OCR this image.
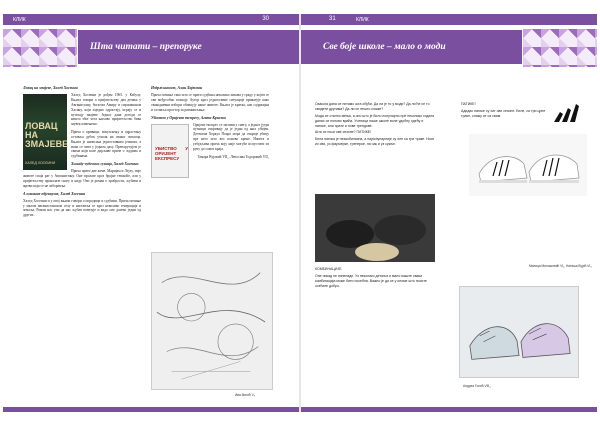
КЛИК	30
Шта читати – препоруке
Ловац на змајеве, Халед Хосеини
ЛОВАЦ НА ЗМАЈЕВЕ
ХАЛЕД ХОСЕИНИ

Халед Хосеини је рођен 1965. у Кабулу. Књига говори о пријатељству два дечака у Авганистану, богатом Амиру и сиромашном Хасану, који заједно одрастају, играју се и пуштају змајеве. Једног дана догоди се нешто због чега њихово пријатељство бива заувек измењено.

Прича о кривици, искупљењу и одрастању оставља дубок утисак на сваког читаоца. Књига је написана једноставним језиком, а ипак се чита у једном даху. Препоручујем је свима који воле дирљиве приче о људима и судбинама.

Хиљаду чудесних сунаца, Халед Хосеини

Прича прати две жене, Маријам и Лејлу, чије животе спаја рат у Авганистану. Оне пролазе кроз бројне тешкоће, али у пријатељству проналазе снагу и наду. Ово је роман о храбрости, љубави и жртви који се не заборавља.

А планине одјекнуше, Халед Хосеини

Халед Хосеини и у овој књизи говори о породици и судбини. Прича почиње у малом авганистанском селу и наставља се кроз неколико генерација и земаља. Роман нас учи да нас љубав повезује и када смо далеко једни од других.

Издржљивост, Алан Лајтман

Прича почиње тако што се прати судбина неколико ликова у граду у којем се сви међусобно познају. Аутор кроз једноставне ситуације приказује како свакодневни избори обликују наше животе. Књига је кратка, али садржајна и оставља простор за размишљање.

Убиство у Оријент експресу, Агата Кристи
УБИСТВО У ОРИЈЕНТ ЕКСПРЕСУ

Оријент експрес се заглави у снегу, а једног јутра путници откривају да је један од њих убијен. Детектив Херкул Поаро мора да открије убицу пре него што воз поново крене. Напета и узбудљива прича коју није могуће испустити из руку до самог краја.

Тамара Вујовић VII₂, Лепосава Тодоровић VII₄
Ива Мигић V₃
31	КЛИК
Све боје школе – мало о моди

Свакога дана се питамо шта обући. Да ли је то у моди? Да ли ће се то свидети другима? Да ли се нешто слаже?

Мода се стално мења, а оно што је било популарно пре неколико година данас се поново враћа. Ученици наше школе воле удобну одећу и патике, али прате и нове трендове.

Шта се носи ове сезоне? ПАТИКЕ!

Бела патика је незаобилазна, а најпопуларније су оне са три траке. Носе их сви, уз фармерке, тренерке, па чак и уз сукње.

КОМБИНАЦИЈЕ.

Оне никад не изненаде. Уз неколико детаља и мало маште свака комбинација може бити посебна. Важно је да се у ономе што носите осећате добро.

ПАТИКЕ!

Адидас патике су хит ове сезоне. Беле, са три црне траке, слажу се са свим.

Милица Милошевић VI₁, Наташа Вујић VI₄
Андреа Голић VIII₄
